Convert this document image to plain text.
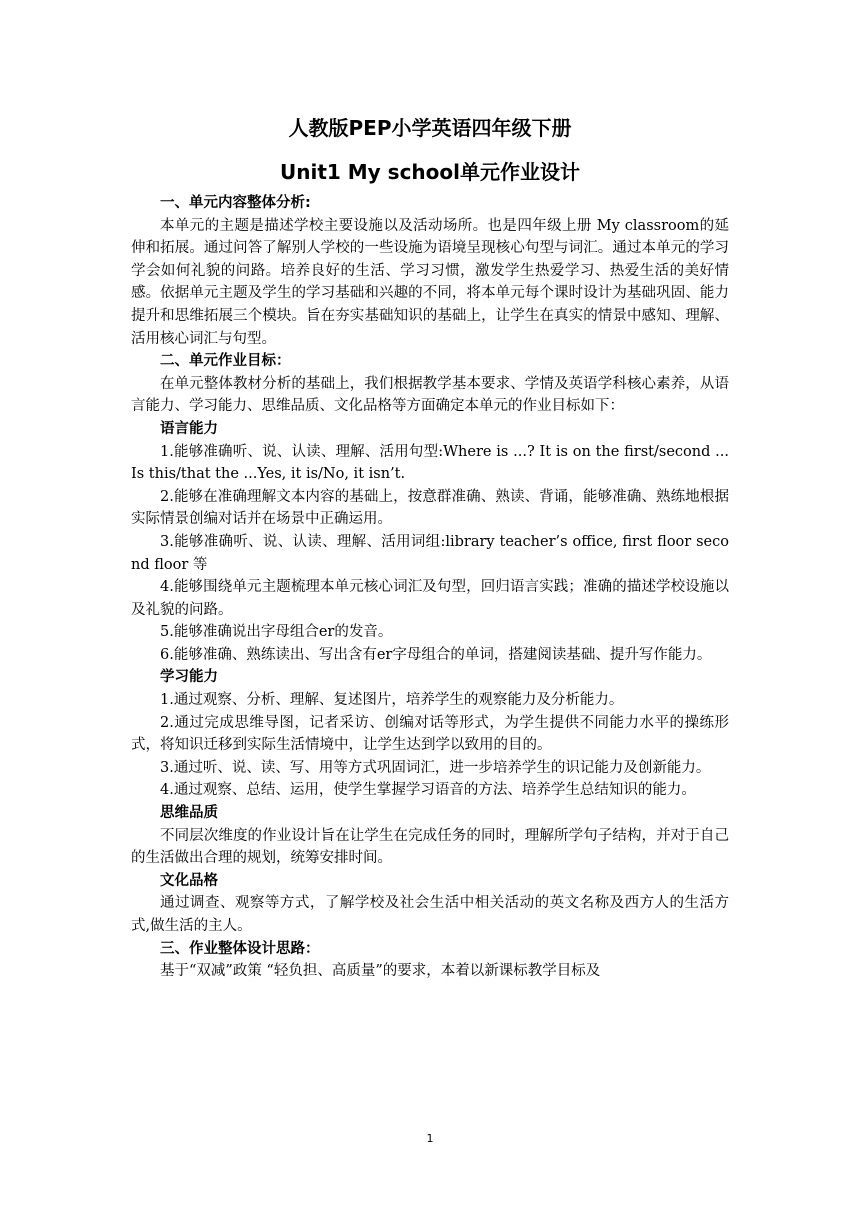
人教版PEP小学英语四年级下册
Unit1 My school单元作业设计
一、单元内容整体分析:

本单元的主题是描述学校主要设施以及活动场所。也是四年级上册 My classroom的延伸和拓展。通过问答了解别人学校的一些设施为语境呈现核心句型与词汇。通过本单元的学习学会如何礼貌的问路。培养良好的生活、学习习惯，激发学生热爱学习、热爱生活的美好情感。依据单元主题及学生的学习基础和兴趣的不同，将本单元每个课时设计为基础巩固、能力提升和思维拓展三个模块。旨在夯实基础知识的基础上，让学生在真实的情景中感知、理解、活用核心词汇与句型。

二、单元作业目标：

在单元整体教材分析的基础上，我们根据教学基本要求、学情及英语学科核心素养，从语言能力、学习能力、思维品质、文化品格等方面确定本单元的作业目标如下：

语言能力

1.能够准确听、说、认读、理解、活用句型:Where is ...? It is on the first/second ... Is this/that the ...Yes, it is/No, it isn’t.

2.能够在准确理解文本内容的基础上，按意群准确、熟读、背诵，能够准确、熟练地根据实际情景创编对话并在场景中正确运用。

3.能够准确听、说、认读、理解、活用词组:library teacher’s office, first floor second floor 等

4.能够围绕单元主题梳理本单元核心词汇及句型，回归语言实践；准确的描述学校设施以及礼貌的问路。

5.能够准确说出字母组合er的发音。

6.能够准确、熟练读出、写出含有er字母组合的单词，搭建阅读基础、提升写作能力。

学习能力

1.通过观察、分析、理解、复述图片，培养学生的观察能力及分析能力。

2.通过完成思维导图，记者采访、创编对话等形式，为学生提供不同能力水平的操练形式，将知识迁移到实际生活情境中，让学生达到学以致用的目的。

3.通过听、说、读、写、用等方式巩固词汇，进一步培养学生的识记能力及创新能力。

4.通过观察、总结、运用，使学生掌握学习语音的方法、培养学生总结知识的能力。

思维品质

不同层次维度的作业设计旨在让学生在完成任务的同时，理解所学句子结构，并对于自己的生活做出合理的规划，统筹安排时间。

文化品格

通过调查、观察等方式，了解学校及社会生活中相关活动的英文名称及西方人的生活方式,做生活的主人。

三、作业整体设计思路：

基于“双减”政策 “轻负担、高质量”的要求，本着以新课标教学目标及

1
